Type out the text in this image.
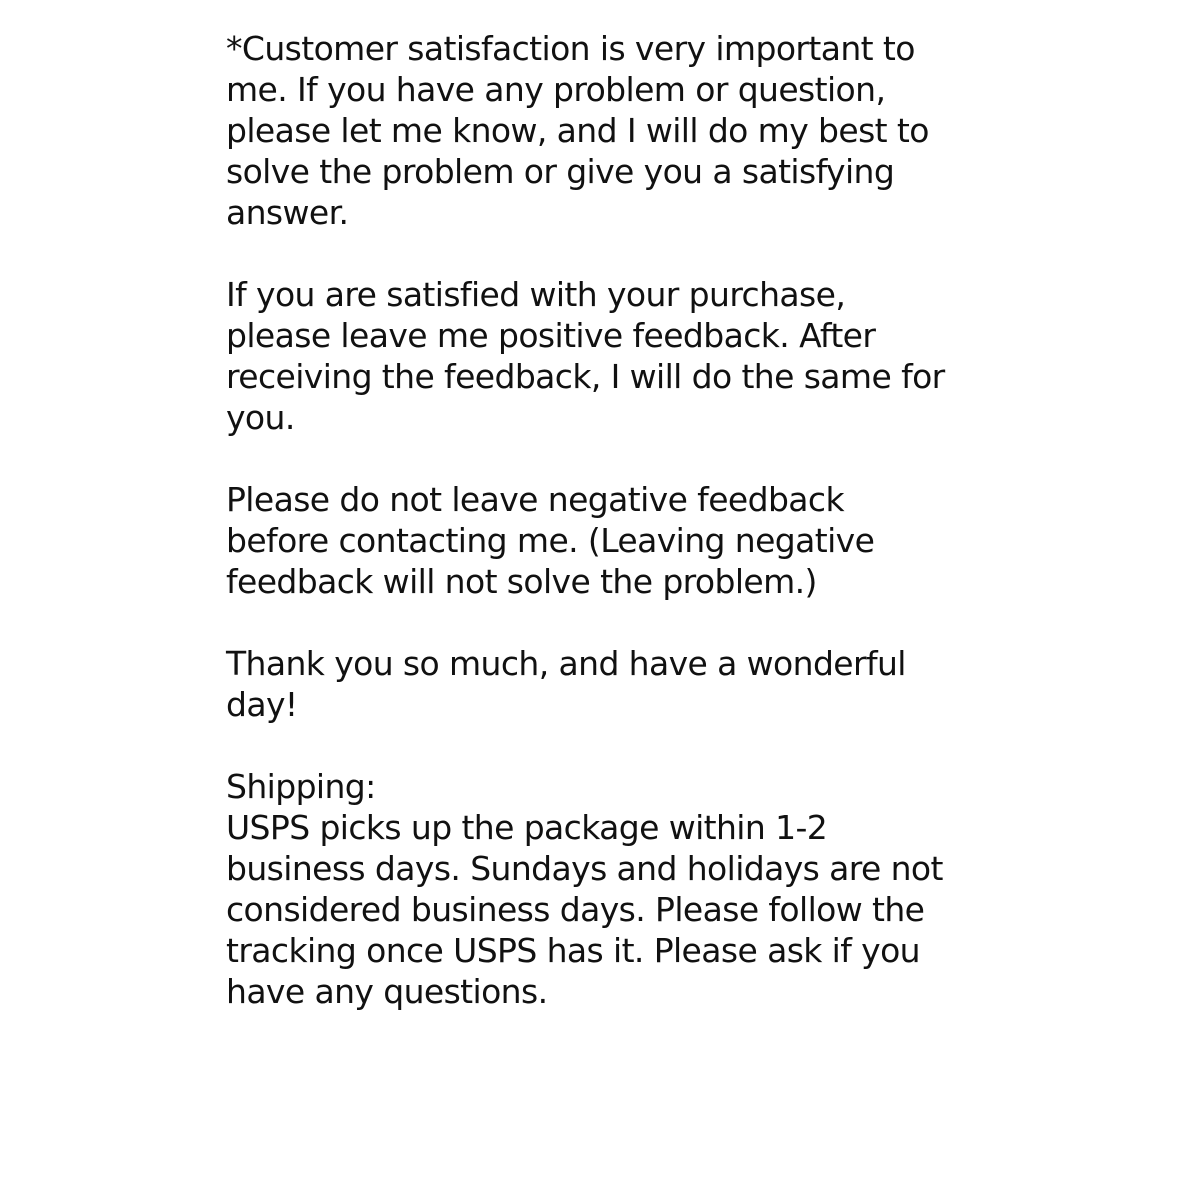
*Customer satisfaction is very important to
me. If you have any problem or question,
please let me know, and I will do my best to
solve the problem or give you a satisfying
answer.

If you are satisfied with your purchase,
please leave me positive feedback. After
receiving the feedback, I will do the same for
you.

Please do not leave negative feedback
before contacting me. (Leaving negative
feedback will not solve the problem.)

Thank you so much, and have a wonderful
day!

Shipping:
USPS picks up the package within 1-2
business days. Sundays and holidays are not
considered business days. Please follow the
tracking once USPS has it. Please ask if you
have any questions.
